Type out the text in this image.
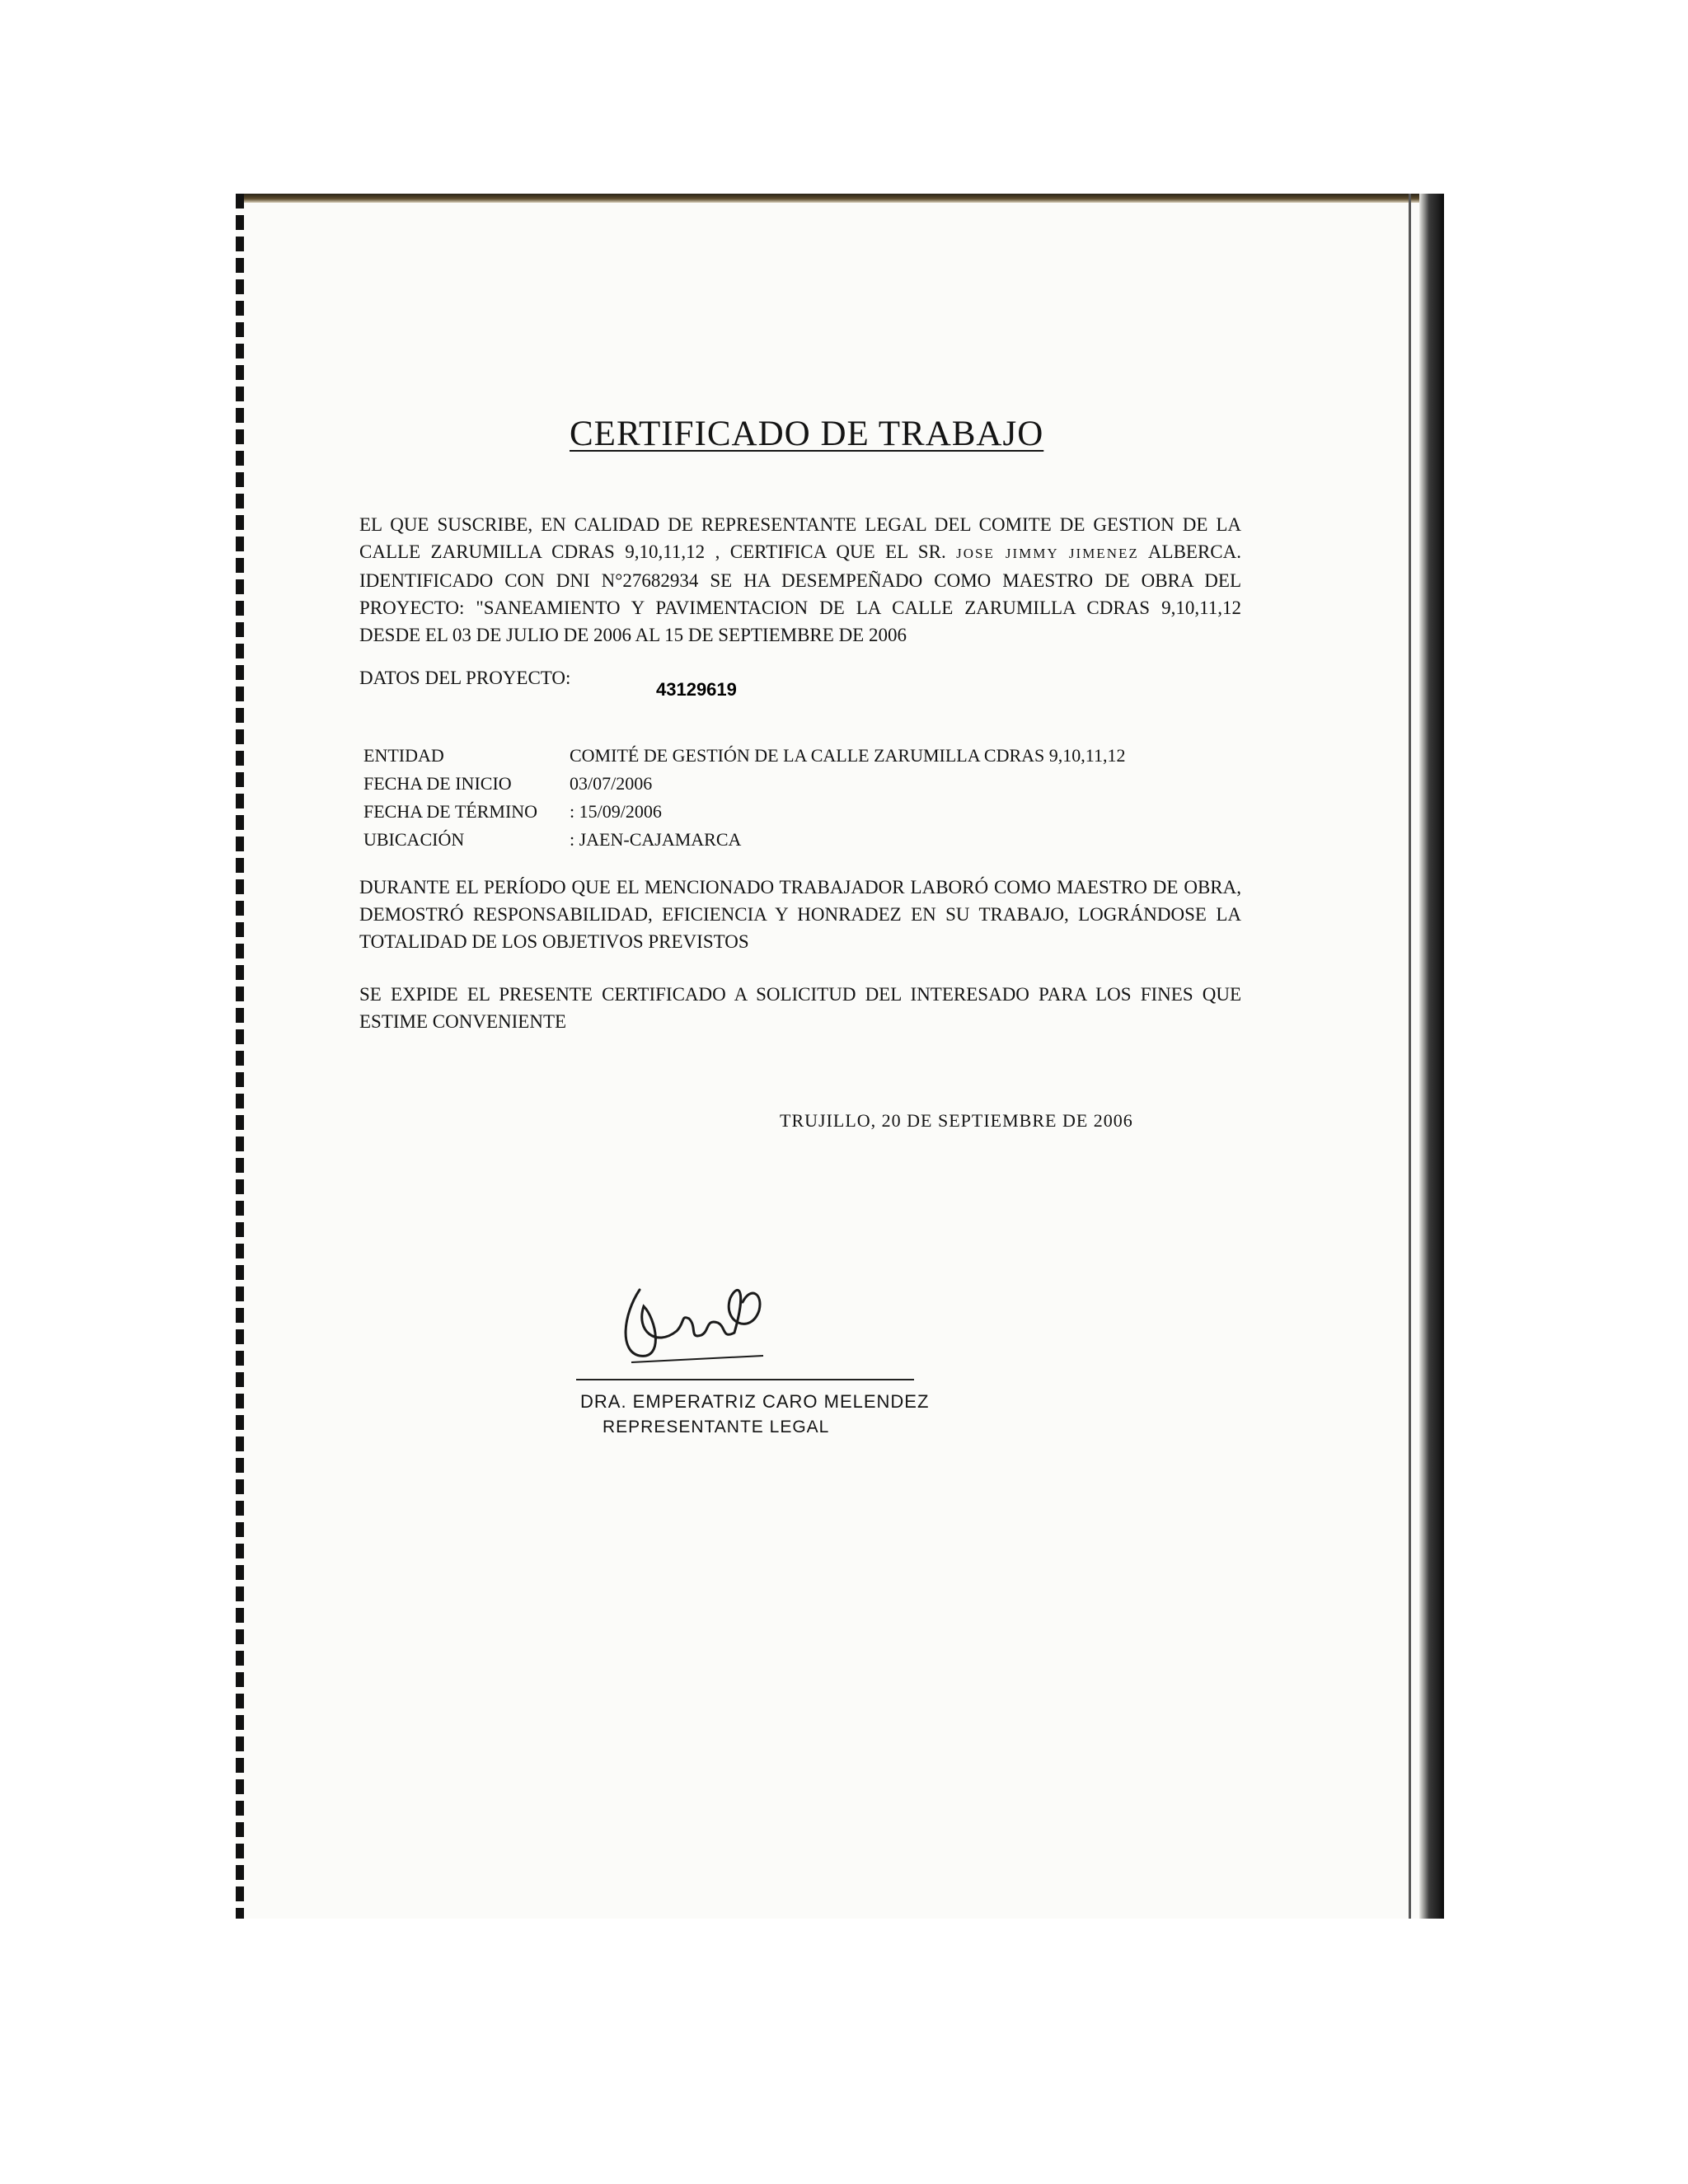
CERTIFICADO DE TRABAJO

EL QUE SUSCRIBE, EN CALIDAD DE REPRESENTANTE LEGAL DEL COMITE DE GESTION DE LA CALLE ZARUMILLA CDRAS 9,10,11,12 , CERTIFICA QUE EL SR. JOSE JIMMY JIMENEZ ALBERCA. IDENTIFICADO CON DNI N°27682934 SE HA DESEMPEÑADO COMO MAESTRO DE OBRA DEL PROYECTO: "SANEAMIENTO Y PAVIMENTACION DE LA CALLE ZARUMILLA CDRAS 9,10,11,12 DESDE EL 03 DE JULIO DE 2006 AL 15 DE SEPTIEMBRE DE 2006

DATOS DEL PROYECTO:
43129619
ENTIDAD	COMITÉ DE GESTIÓN DE LA CALLE ZARUMILLA CDRAS 9,10,11,12
FECHA DE INICIO	03/07/2006
FECHA DE TÉRMINO	: 15/09/2006
UBICACIÓN	: JAEN-CAJAMARCA

DURANTE EL PERÍODO QUE EL MENCIONADO TRABAJADOR LABORÓ COMO MAESTRO DE OBRA, DEMOSTRÓ RESPONSABILIDAD, EFICIENCIA Y HONRADEZ EN SU TRABAJO, LOGRÁNDOSE LA TOTALIDAD DE LOS OBJETIVOS PREVISTOS

SE EXPIDE EL PRESENTE CERTIFICADO A SOLICITUD DEL INTERESADO PARA LOS FINES QUE ESTIME CONVENIENTE

TRUJILLO, 20 DE SEPTIEMBRE DE 2006
DRA. EMPERATRIZ CARO MELENDEZ
REPRESENTANTE LEGAL
